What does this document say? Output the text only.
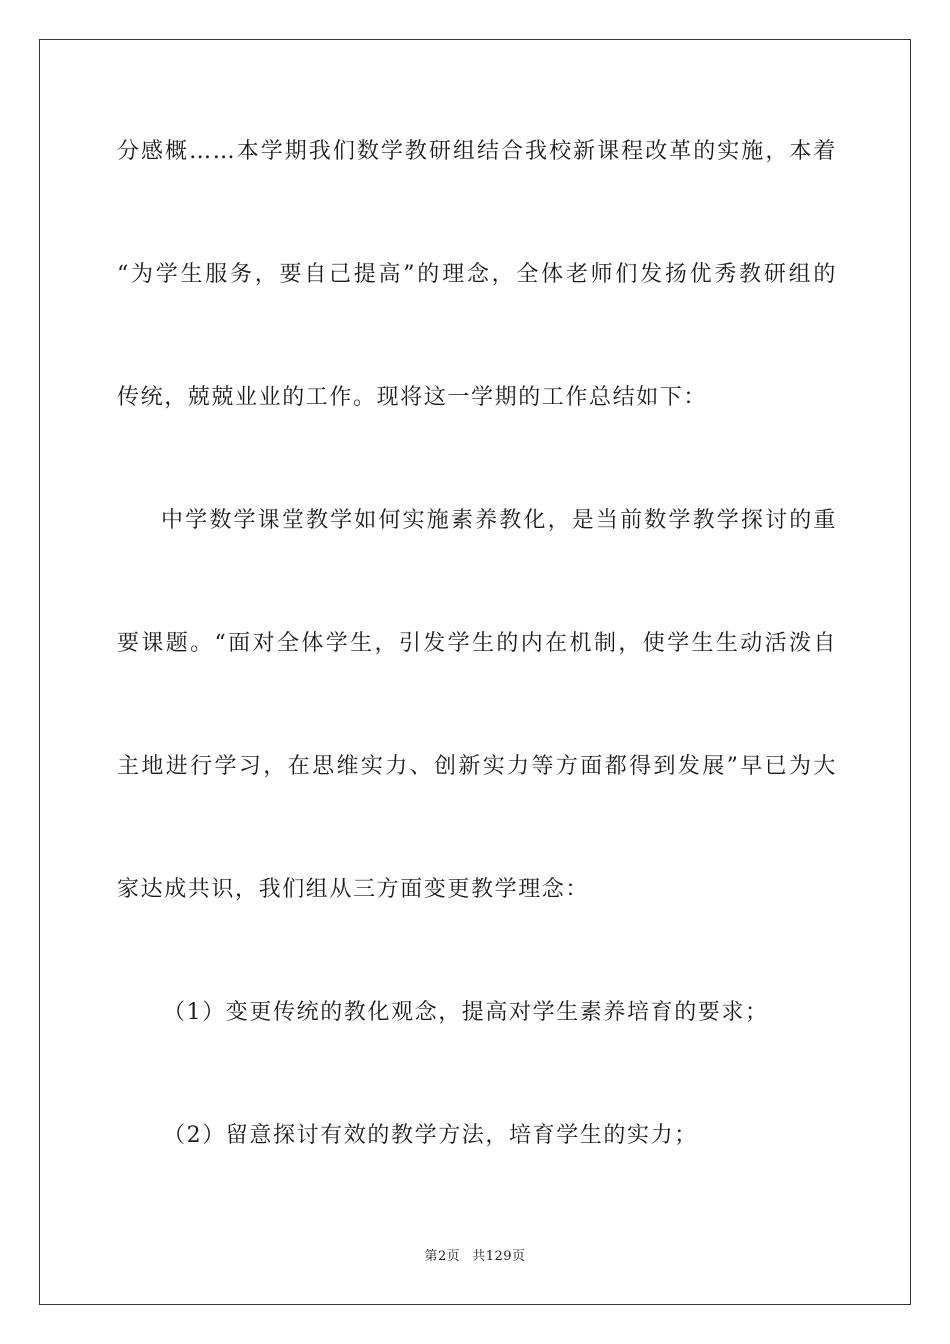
分感概……本学期我们数学教研组结合我校新课程改革的实施，本着
“为学生服务，要自己提高”的理念，全体老师们发扬优秀教研组的
传统，兢兢业业的工作。现将这一学期的工作总结如下：
中学数学课堂教学如何实施素养教化，是当前数学教学探讨的重
要课题。“面对全体学生，引发学生的内在机制，使学生生动活泼自
主地进行学习，在思维实力、创新实力等方面都得到发展”早已为大
家达成共识，我们组从三方面变更教学理念：
（1）变更传统的教化观念，提高对学生素养培育的要求；
（2）留意探讨有效的教学方法，培育学生的实力；
第2页 共129页
